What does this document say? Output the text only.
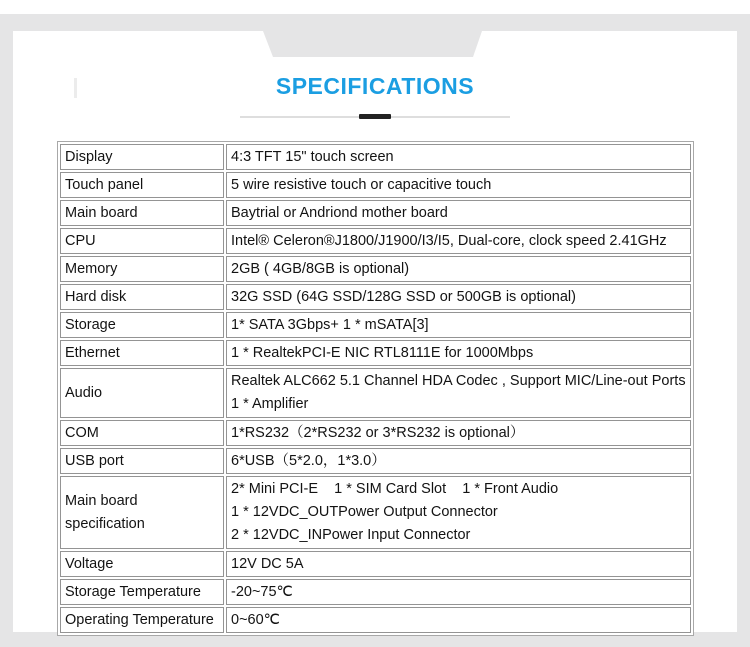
SPECIFICATIONS
Display	4:3 TFT 15" touch screen

Touch panel	5 wire resistive touch or capacitive touch

Main board	Baytrial or Andriond mother board

CPU	Intel® Celeron®J1800/J1900/I3/I5, Dual-core, clock speed 2.41GHz

Memory	2GB ( 4GB/8GB is optional)

Hard disk	32G SSD (64G SSD/128G SSD or 500GB is optional)

Storage	1* SATA 3Gbps+ 1 * mSATA[3]

Ethernet	1 * RealtekPCI-E NIC RTL8111E for 1000Mbps

Audio	Realtek ALC662 5.1 Channel HDA Codec , Support MIC/Line-out Ports
1 * Amplifier

COM	1*RS232（2*RS232 or 3*RS232 is optional）

USB port	6*USB（5*2.0，1*3.0）

Main board specification	2* Mini PCI-E    1 * SIM Card Slot    1 * Front Audio
1 * 12VDC_OUTPower Output Connector
2 * 12VDC_INPower Input Connector

Voltage	12V DC 5A

Storage Temperature	-20~75℃

Operating Temperature	0~60℃
